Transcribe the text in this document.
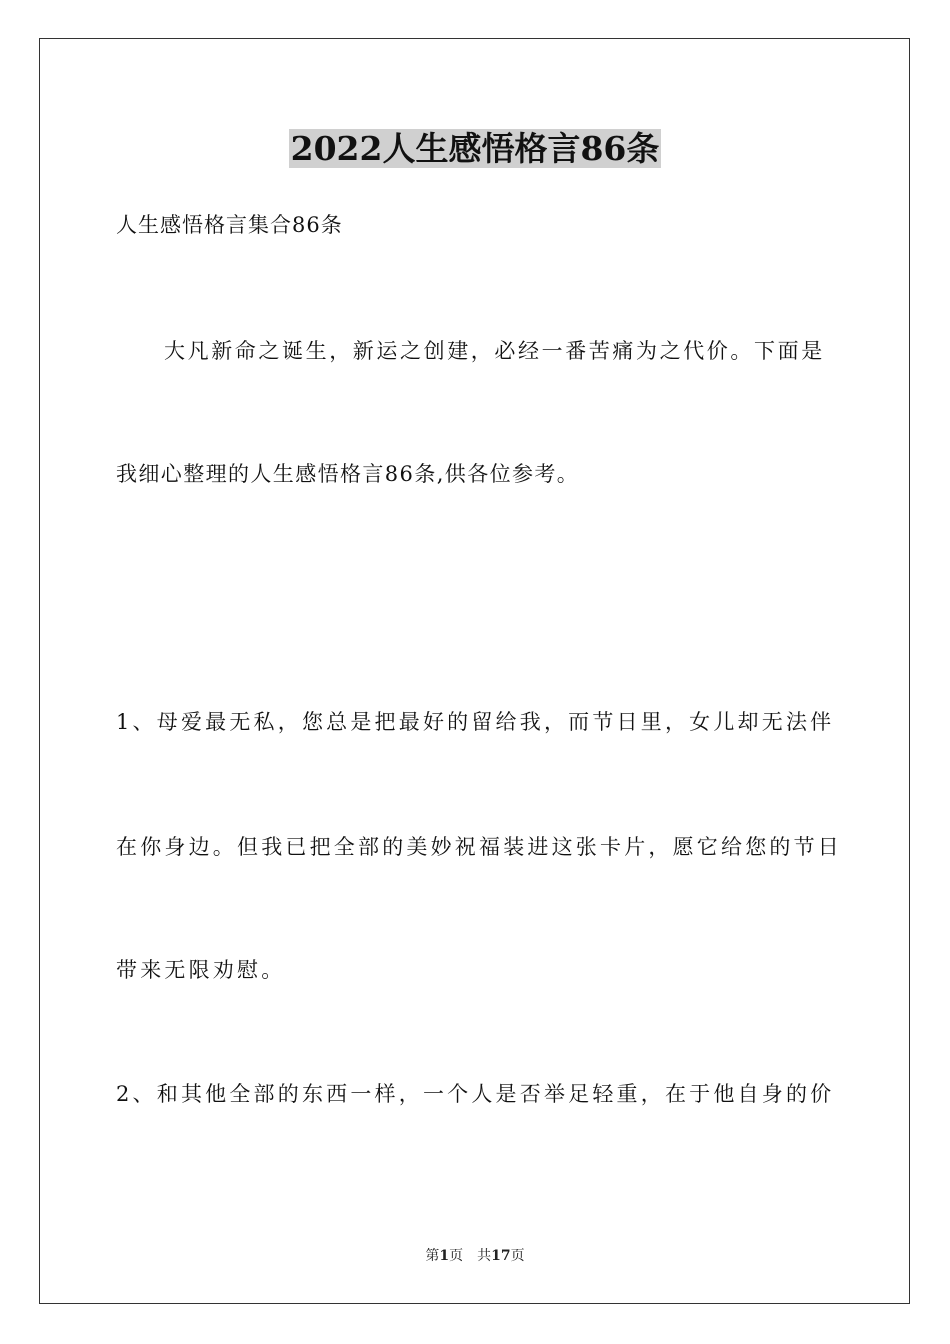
2022人生感悟格言86条
人生感悟格言集合86条
大凡新命之诞生，新运之创建，必经一番苦痛为之代价。下面是
我细心整理的人生感悟格言86条,供各位参考。
1、母爱最无私，您总是把最好的留给我，而节日里，女儿却无法伴
在你身边。但我已把全部的美妙祝福装进这张卡片，愿它给您的节日
带来无限劝慰。
2、和其他全部的东西一样，一个人是否举足轻重，在于他自身的价
第1页 共17页
